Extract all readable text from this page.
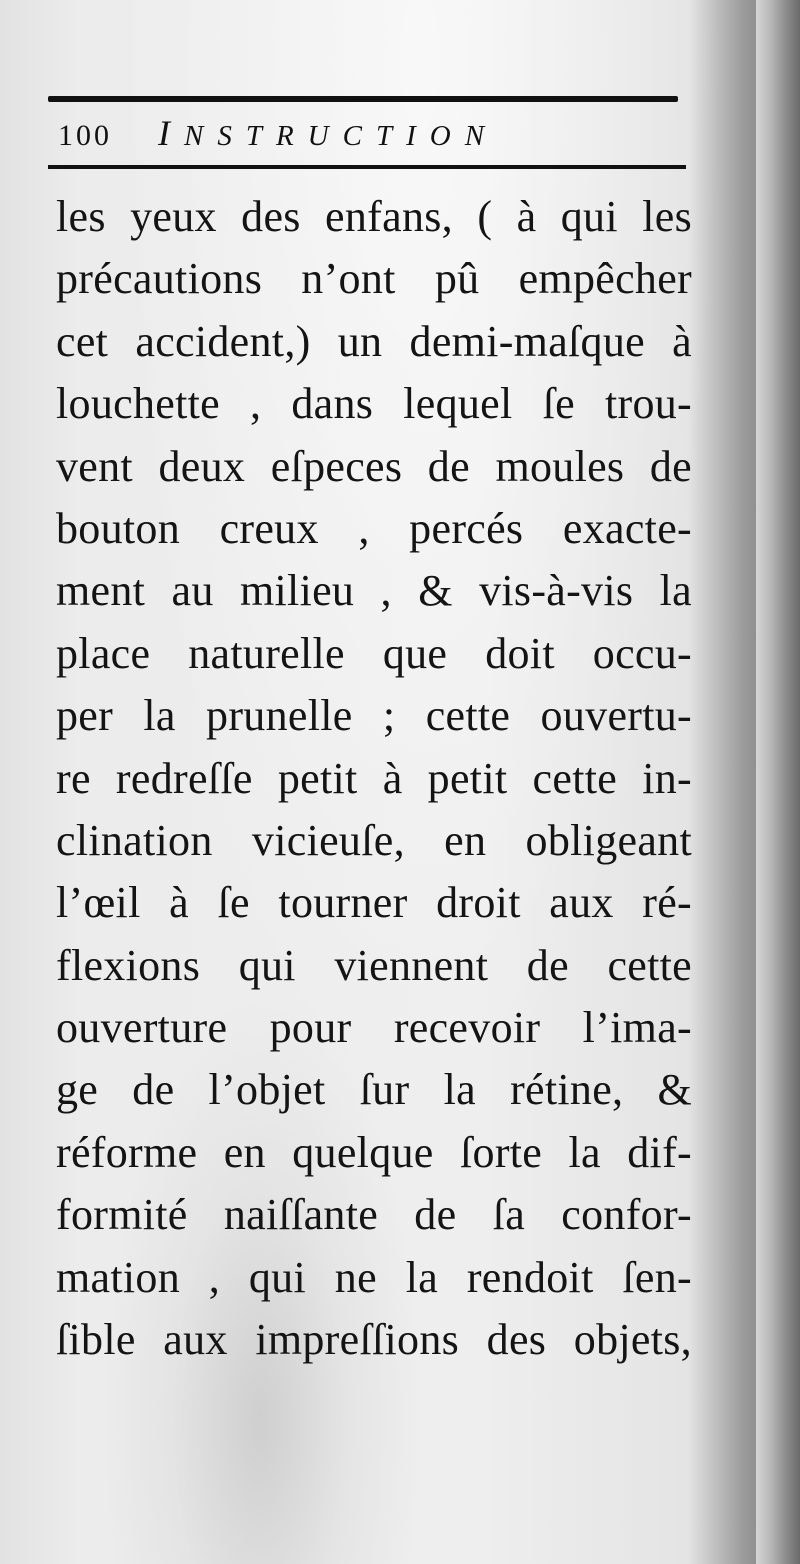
100 INSTRUCTION
les yeux des enfans, ( à qui les
précautions n’ont pû empêcher
cet accident,) un demi-maſque à
louchette , dans lequel ſe trou-
vent deux eſpeces de moules de
bouton creux , percés exacte-
ment au milieu , & vis-à-vis la
place naturelle que doit occu-
per la prunelle ; cette ouvertu-
re redreſſe petit à petit cette in-
clination vicieuſe, en obligeant
l’œil à ſe tourner droit aux ré-
flexions qui viennent de cette
ouverture pour recevoir l’ima-
ge de l’objet ſur la rétine, &
réforme en quelque ſorte la dif-
formité naiſſante de ſa confor-
mation , qui ne la rendoit ſen-
ſible aux impreſſions des objets,
